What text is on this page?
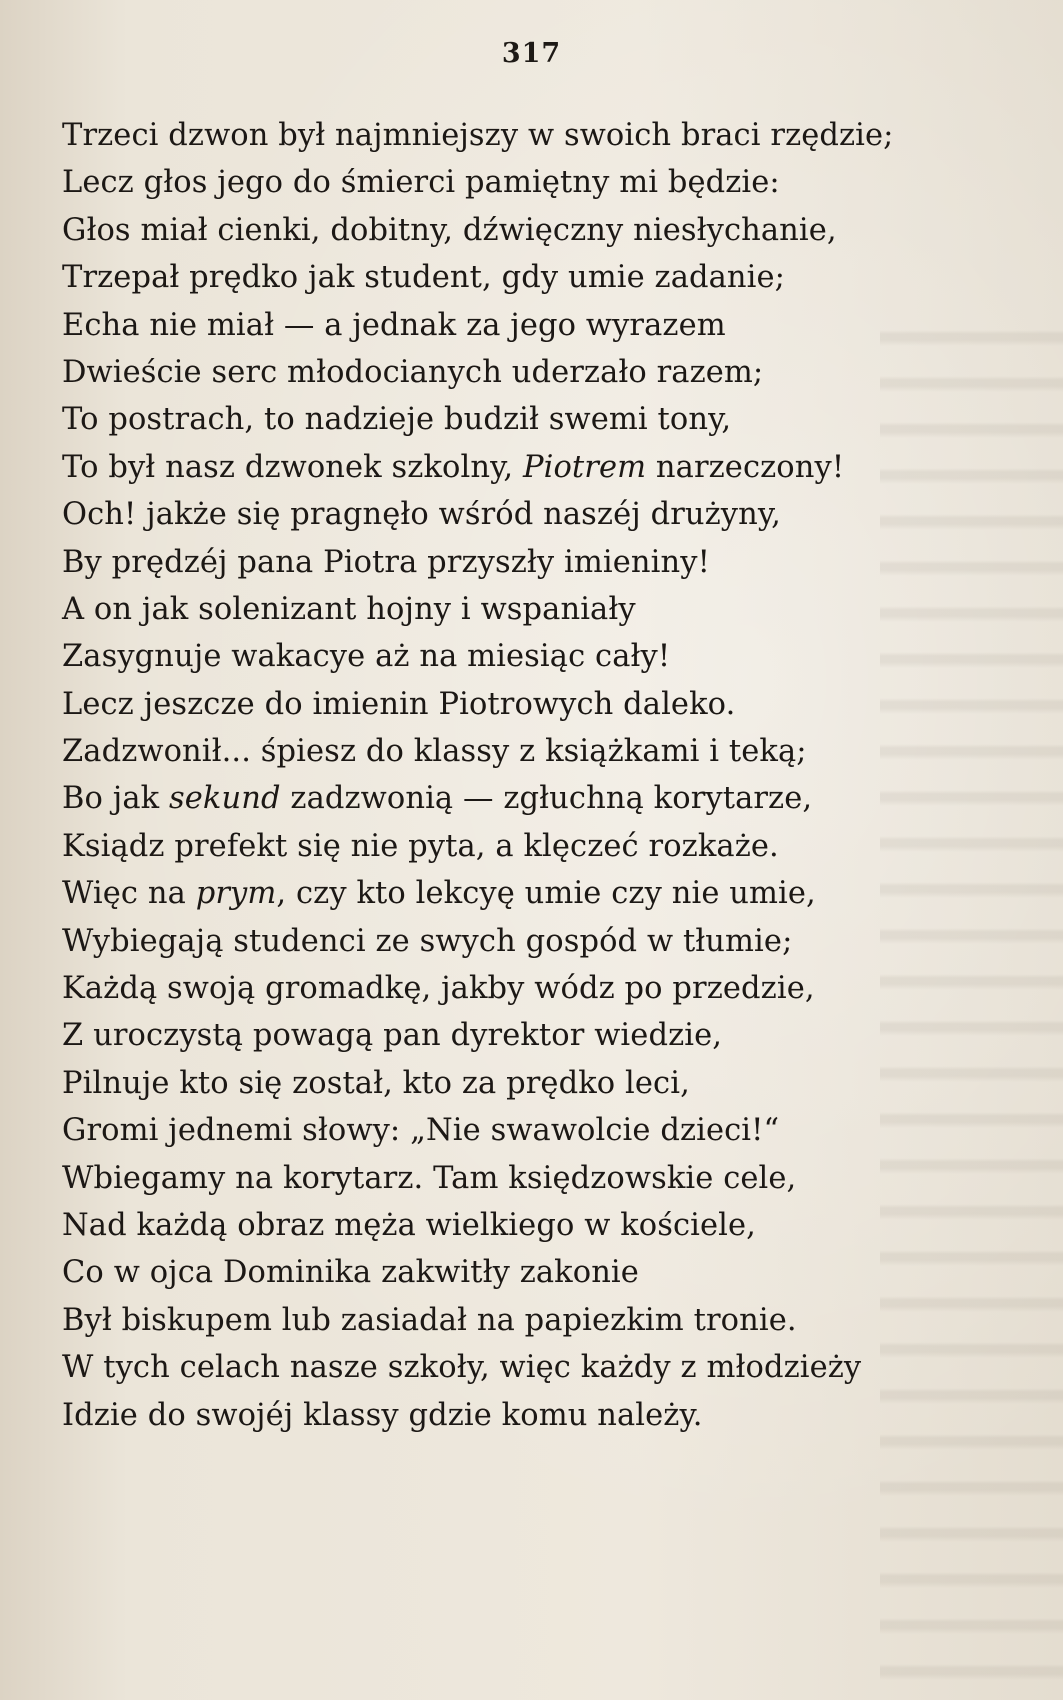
317
Trzeci dzwon był najmniejszy w swoich braci rzędzie;
Lecz głos jego do śmierci pamiętny mi będzie:
Głos miał cienki, dobitny, dźwięczny niesłychanie,
Trzepał prędko jak student, gdy umie zadanie;
Echa nie miał — a jednak za jego wyrazem
Dwieście serc młodocianych uderzało razem;
To postrach, to nadzieje budził swemi tony,
To był nasz dzwonek szkolny, Piotrem narzeczony!
Och! jakże się pragnęło wśród naszéj drużyny,
By prędzéj pana Piotra przyszły imieniny!
A on jak solenizant hojny i wspaniały
Zasygnuje wakacye aż na miesiąc cały!
Lecz jeszcze do imienin Piotrowych daleko.
Zadzwonił... śpiesz do klassy z książkami i teką;
Bo jak sekund zadzwonią — zgłuchną korytarze,
Ksiądz prefekt się nie pyta, a klęczeć rozkaże.
Więc na prym, czy kto lekcyę umie czy nie umie,
Wybiegają studenci ze swych gospód w tłumie;
Każdą swoją gromadkę, jakby wódz po przedzie,
Z uroczystą powagą pan dyrektor wiedzie,
Pilnuje kto się został, kto za prędko leci,
Gromi jednemi słowy: „Nie swawolcie dzieci!“
Wbiegamy na korytarz. Tam księdzowskie cele,
Nad każdą obraz męża wielkiego w kościele,
Co w ojca Dominika zakwitły zakonie
Był biskupem lub zasiadał na papiezkim tronie.
W tych celach nasze szkoły, więc każdy z młodzieży
Idzie do swojéj klassy gdzie komu należy.
